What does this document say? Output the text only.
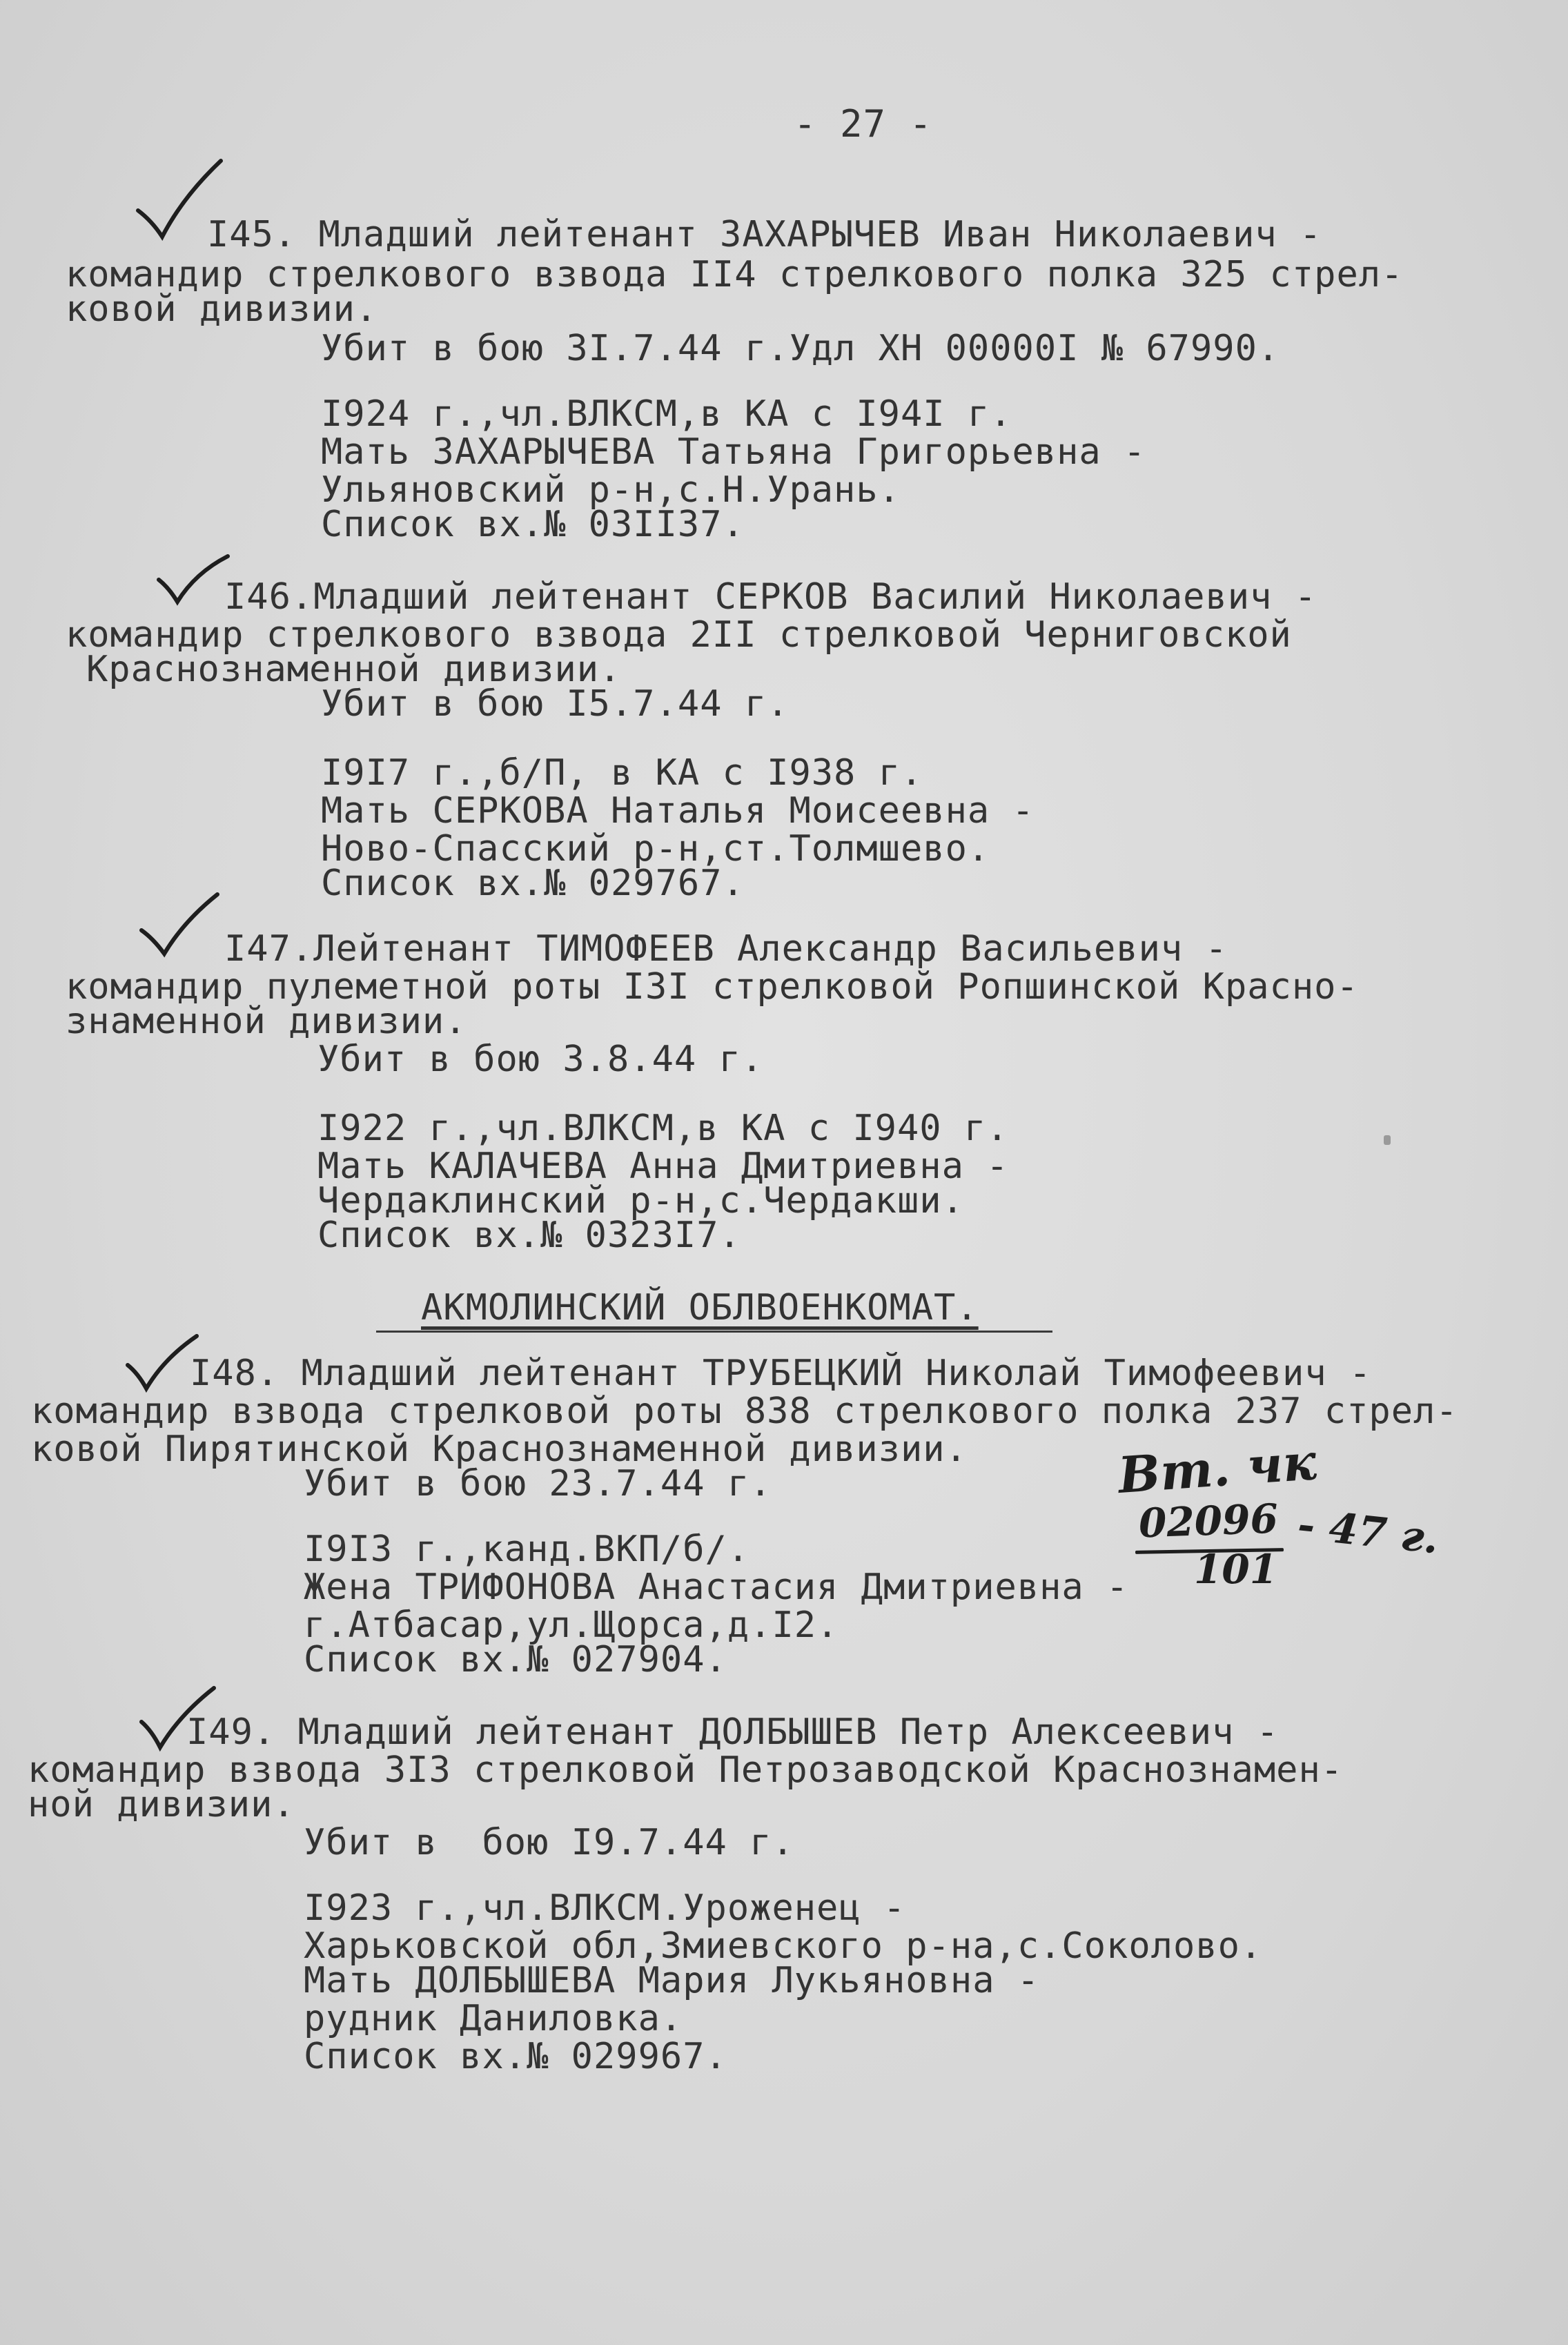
- 27 -
I45. Младший лейтенант ЗАХАРЫЧЕВ Иван Николаевич -
командир стрелкового взвода II4 стрелкового полка 325 стрел-
ковой дивизии.
Убит в бою 3I.7.44 г.Удл ХН 00000I № 67990.
I924 г.,чл.ВЛКСМ,в КА с I94I г.
Мать ЗАХАРЫЧЕВА Татьяна Григорьевна -
Ульяновский р-н,с.Н.Урань.
Список вх.№ 03II37.
I46.Младший лейтенант СЕРКОВ Василий Николаевич -
командир стрелкового взвода 2II стрелковой Черниговской
Краснознаменной дивизии.
Убит в бою I5.7.44 г.
I9I7 г.,б/П, в КА с I938 г.
Мать СЕРКОВА Наталья Моисеевна -
Ново-Спасский р-н,ст.Толмшево.
Список вх.№ 029767.
I47.Лейтенант ТИМОФЕЕВ Александр Васильевич -
командир пулеметной роты I3I стрелковой Ропшинской Красно-
знаменной дивизии.
Убит в бою 3.8.44 г.
I922 г.,чл.ВЛКСМ,в КА с I940 г.
Мать КАЛАЧЕВА Анна Дмитриевна -
Чердаклинский р-н,с.Чердакши.
Список вх.№ 0323I7.
АКМОЛИНСКИЙ ОБЛВОЕНКОМАТ.
I48. Младший лейтенант ТРУБЕЦКИЙ Николай Тимофеевич -
командир взвода стрелковой роты 838 стрелкового полка 237 стрел-
ковой Пирятинской Краснознаменной дивизии.
Убит в бою 23.7.44 г.
I9I3 г.,канд.ВКП/б/.
Жена ТРИФОНОВА Анастасия Дмитриевна -
г.Атбасар,ул.Щорса,д.I2.
Список вх.№ 027904.
Вт. чк
02096 - 47 г.
101
I49. Младший лейтенант ДОЛБЫШЕВ Петр Алексеевич -
командир взвода 3I3 стрелковой Петрозаводской Краснознамен-
ной дивизии.
Убит в  бою I9.7.44 г.
I923 г.,чл.ВЛКСМ.Уроженец -
Харьковской обл,Змиевского р-на,с.Соколово.
Мать ДОЛБЫШЕВА Мария Лукьяновна -
рудник Даниловка.
Список вх.№ 029967.
